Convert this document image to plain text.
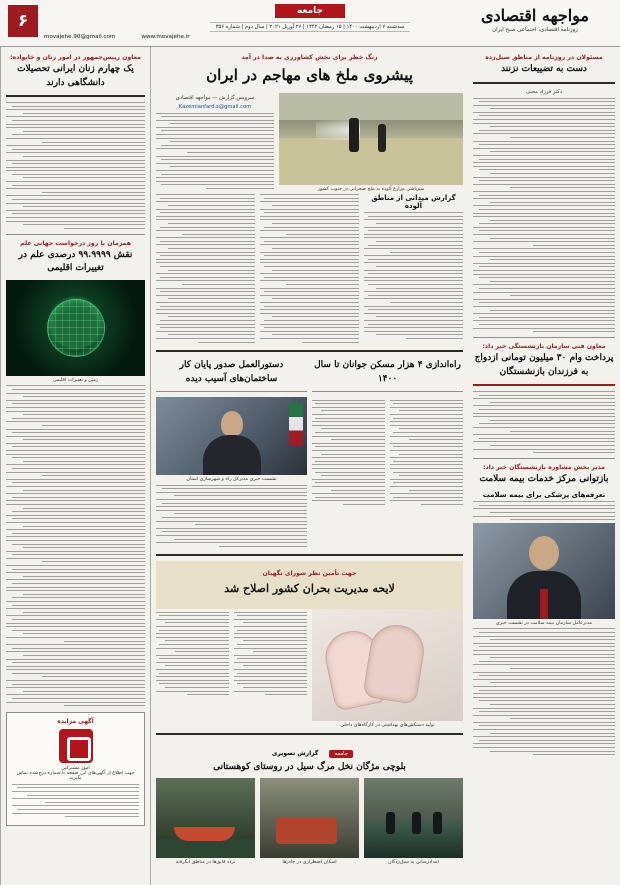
مواجهه اقتصادی
روزنامه اقتصادی، اجتماعی صبح ایران
جامعه
سه‌شنبه ۷ اردیبهشت ۱۴۰۰ | ۱۵ رمضان ۱۴۴۲ | ۲۷ آوریل ۲۰۲۱ | سال دوم | شماره ۳۵۶
۶
movajehe.90@gmail.com	www.movajehe.ir
مسئولان در روزنامه از مناطق سیل‌زده
دست به تضییعات نزنند
دکتر فرزاد محبی
معاون فنی سازمان بازنشستگی خبر داد:
پرداخت وام ۳۰ میلیون تومانی ازدواج به فرزندان بازنشستگان
مدیر بخش مشاوره بازنشستگان خبر داد:
بازتوانی مرکز خدمات بیمه سلامت
تعرفه‌های پزشکی برای بیمه سلامت
مدیرعامل سازمان بیمه سلامت در نشست خبری
زنگ خطر برای بخش کشاورزی به صدا در آمد
پیشروی ملخ های مهاجم در ایران
سم‌پاشی مزارع آلوده به ملخ صحرایی در جنوب کشور
سرویس گزارش — مواجهه اقتصادی
Kazemianfard.s@gmail.com
گزارش میدانی از مناطق آلوده
راه‌اندازی ۴ هزار مسکن جوانان تا سال ۱۴۰۰
دستورالعمل صدور پایان کار ساختمان‌های آسیب دیده
نشست خبری مدیرکل راه و شهرسازی استان
جهت تأمین نظر شورای نگهبان
لایحه مدیریت بحران کشور اصلاح شد
تولید دستکش‌های بهداشتی در کارگاه‌های داخلی
جامعه گزارش تصویری
بلوچی مژگان نخل مرگ سیل در روستای کوهستانی
امدادرسانی به سیل‌زدگان
اسکان اضطراری در چادرها
تردد قایق‌ها در مناطق آبگرفته
معاون رییس‌جمهور در امور زنان و خانواده:
یک چهارم زنان ایرانی تحصیلات دانشگاهی دارند
همزمان با روز درخواست جهانی علم
نقش ۹۹.۹۹۹۹ درصدی علم در تغییرات اقلیمی
زمین و تغییرات اقلیمی
آگهی مزایده
امور مشترکین
جهت اطلاع از آگهی‌های این صفحه با شماره درج‌شده تماس بگیرید
